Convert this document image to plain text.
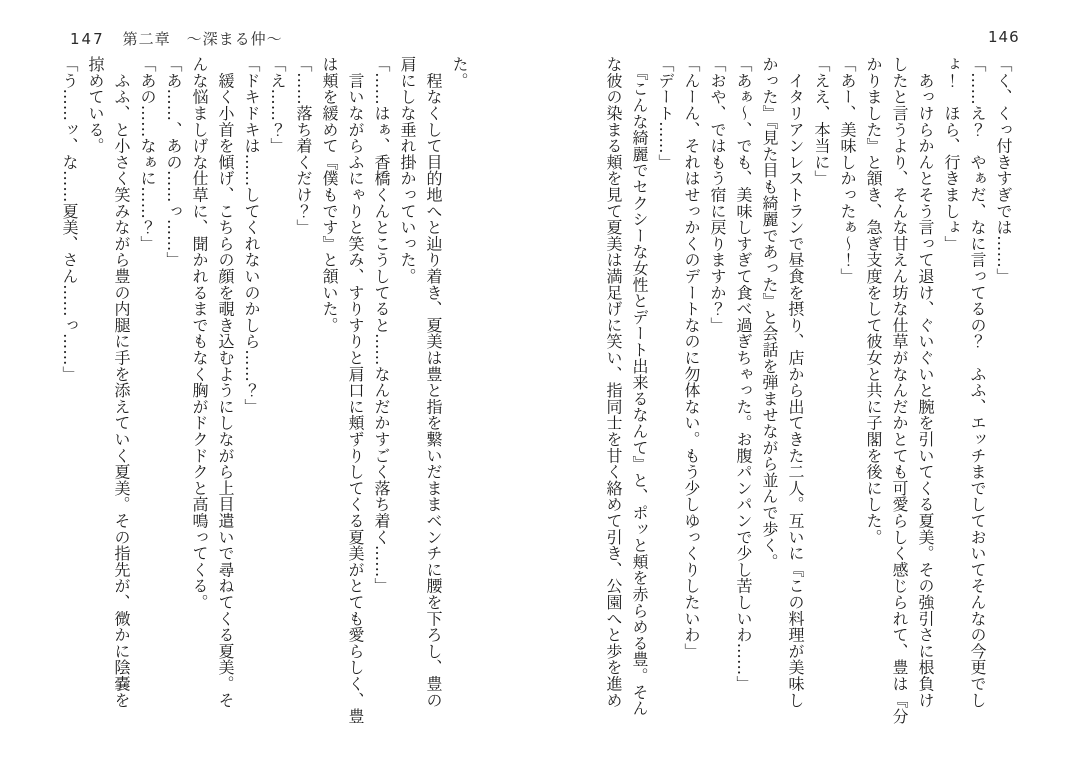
147 第二章　〜深まる仲〜	146
「く、くっ付きすぎでは……」
「……え？　やぁだ、なに言ってるの？　ふふ、エッチまでしておいてそんなの今更でし
ょ！　ほら、行きましょ」
　あっけらかんとそう言って退け、ぐいぐいと腕を引いてくる夏美。その強引さに根負け
したと言うより、そんな甘えん坊な仕草がなんだかとても可愛らしく感じられて、豊は『分
かりました』と頷き、急ぎ支度をして彼女と共に子閣を後にした。
「あー、美味しかったぁ〜！」
「ええ、本当に」
　イタリアンレストランで昼食を摂り、店から出てきた二人。互いに『この料理が美味し
かった』『見た目も綺麗であった』と会話を弾ませながら並んで歩く。
「あぁ〜、でも、美味しすぎて食べ過ぎちゃった。お腹パンパンで少し苦しいわ……」
「おや、ではもう宿に戻りますか？」
「んーん、それはせっかくのデートなのに勿体ない。もう少しゆっくりしたいわ」
「デート……」
　『こんな綺麗でセクシーな女性とデート出来るなんて』と、ポッと頬を赤らめる豊。そん
な彼の染まる頬を見て夏美は満足げに笑い、指同士を甘く絡めて引き、公園へと歩を進め
た。
　程なくして目的地へと辿り着き、夏美は豊と指を繋いだままベンチに腰を下ろし、豊の
肩にしな垂れ掛かっていった。
「……はぁ、香橋くんとこうしてると……なんだかすごく落ち着く……」
　言いながらふにゃりと笑み、すりすりと肩口に頬ずりしてくる夏美がとても愛らしく、豊
は頬を緩めて『僕もです』と頷いた。
「……落ち着くだけ？」
「え……？」
「ドキドキは……してくれないのかしら……？」
　緩く小首を傾げ、こちらの顔を覗き込むようにしながら上目遣いで尋ねてくる夏美。そ
んな悩ましげな仕草に、聞かれるまでもなく胸がドクドクと高鳴ってくる。
「あ……、あの……っ……」
「あの……なぁに……？」
　ふふ、と小さく笑みながら豊の内腿に手を添えていく夏美。その指先が、微かに陰嚢を
掠めている。
「う……ッ、な……夏美、さん……っ……」
